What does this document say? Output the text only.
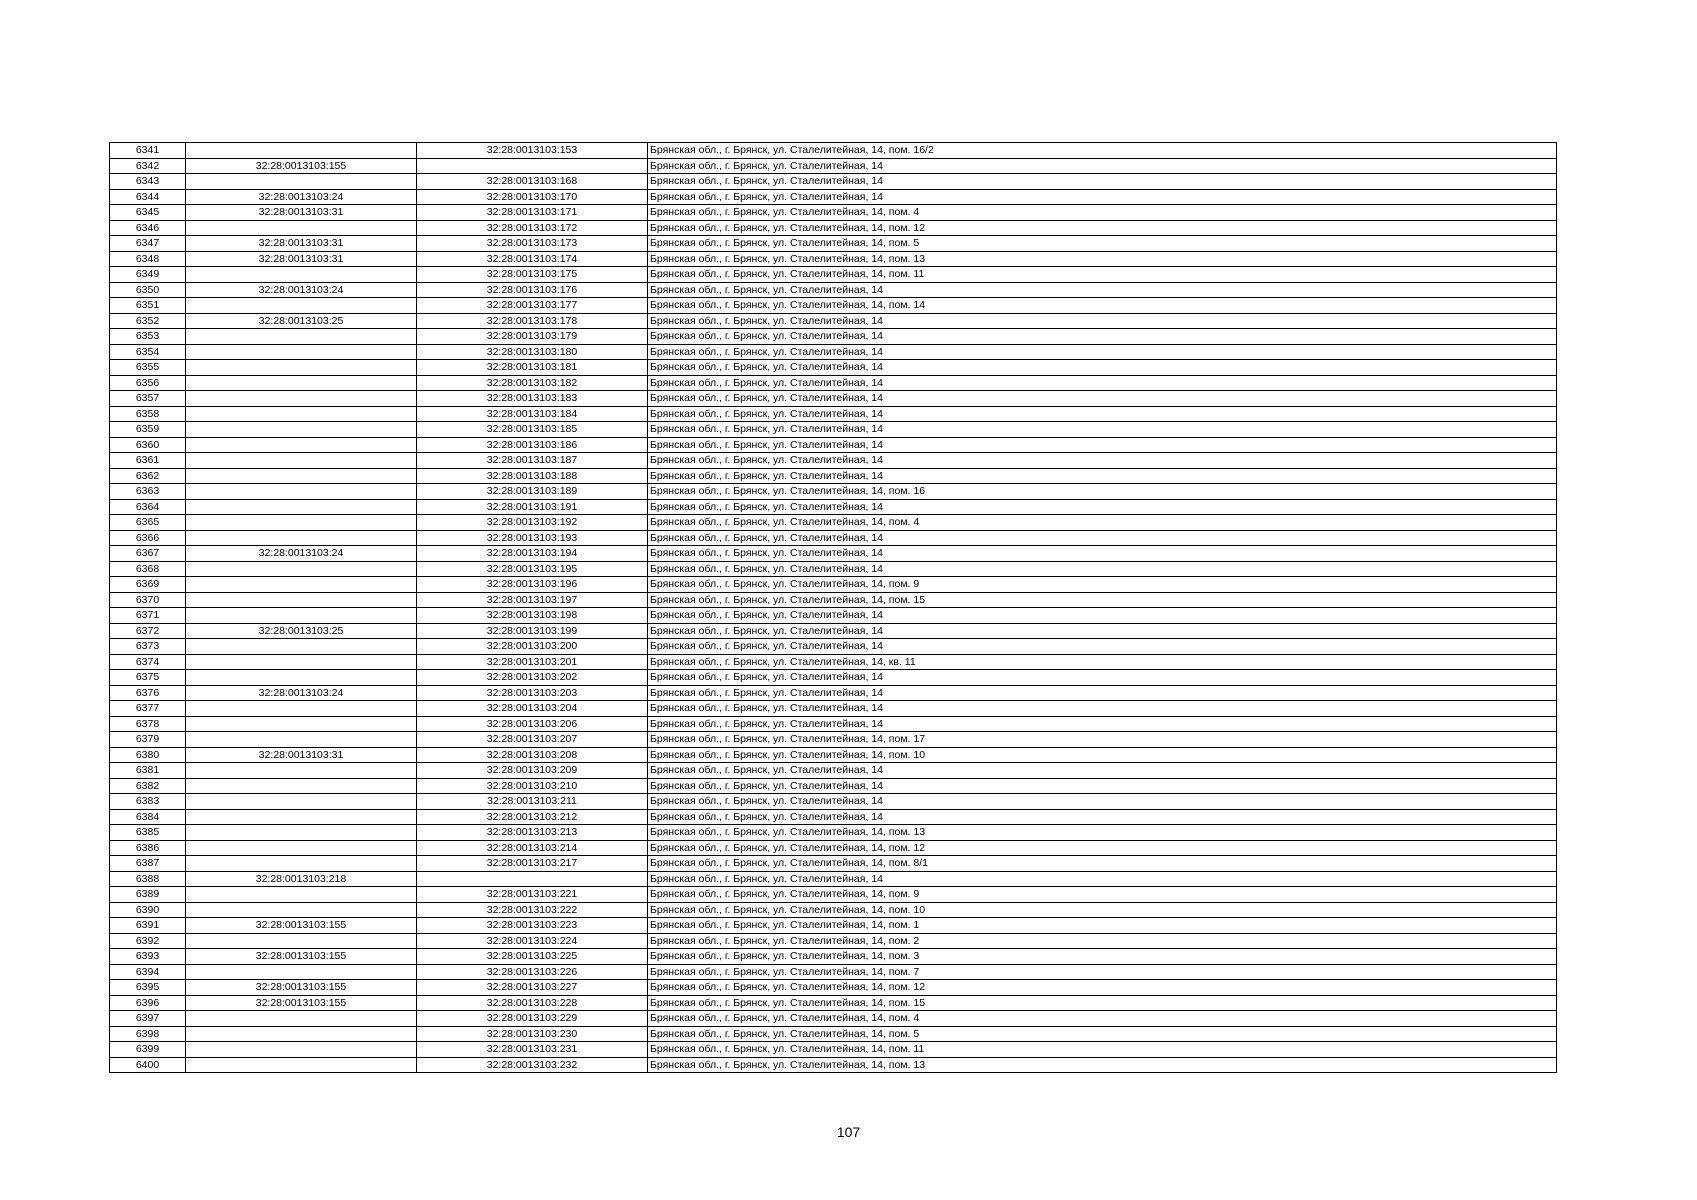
6341		32:28:0013103:153	Брянская обл., г. Брянск, ул. Сталелитейная, 14, пом. 16/2
6342	32:28:0013103:155		Брянская обл., г. Брянск, ул. Сталелитейная, 14
6343		32:28:0013103:168	Брянская обл., г. Брянск, ул. Сталелитейная, 14
6344	32:28:0013103:24	32:28:0013103:170	Брянская обл., г. Брянск, ул. Сталелитейная, 14
6345	32:28:0013103:31	32:28:0013103:171	Брянская обл., г. Брянск, ул. Сталелитейная, 14, пом. 4
6346		32:28:0013103:172	Брянская обл., г. Брянск, ул. Сталелитейная, 14, пом. 12
6347	32:28:0013103:31	32:28:0013103:173	Брянская обл., г. Брянск, ул. Сталелитейная, 14, пом. 5
6348	32:28:0013103:31	32:28:0013103:174	Брянская обл., г. Брянск, ул. Сталелитейная, 14, пом. 13
6349		32:28:0013103:175	Брянская обл., г. Брянск, ул. Сталелитейная, 14, пом. 11
6350	32:28:0013103:24	32:28:0013103:176	Брянская обл., г. Брянск, ул. Сталелитейная, 14
6351		32:28:0013103:177	Брянская обл., г. Брянск, ул. Сталелитейная, 14, пом. 14
6352	32:28:0013103:25	32:28:0013103:178	Брянская обл., г. Брянск, ул. Сталелитейная, 14
6353		32:28:0013103:179	Брянская обл., г. Брянск, ул. Сталелитейная, 14
6354		32:28:0013103:180	Брянская обл., г. Брянск, ул. Сталелитейная, 14
6355		32:28:0013103:181	Брянская обл., г. Брянск, ул. Сталелитейная, 14
6356		32:28:0013103:182	Брянская обл., г. Брянск, ул. Сталелитейная, 14
6357		32:28:0013103:183	Брянская обл., г. Брянск, ул. Сталелитейная, 14
6358		32:28:0013103:184	Брянская обл., г. Брянск, ул. Сталелитейная, 14
6359		32:28:0013103:185	Брянская обл., г. Брянск, ул. Сталелитейная, 14
6360		32:28:0013103:186	Брянская обл., г. Брянск, ул. Сталелитейная, 14
6361		32:28:0013103:187	Брянская обл., г. Брянск, ул. Сталелитейная, 14
6362		32:28:0013103:188	Брянская обл., г. Брянск, ул. Сталелитейная, 14
6363		32:28:0013103:189	Брянская обл., г. Брянск, ул. Сталелитейная, 14, пом. 16
6364		32:28:0013103:191	Брянская обл., г. Брянск, ул. Сталелитейная, 14
6365		32:28:0013103:192	Брянская обл., г. Брянск, ул. Сталелитейная, 14, пом. 4
6366		32:28:0013103:193	Брянская обл., г. Брянск, ул. Сталелитейная, 14
6367	32:28:0013103:24	32:28:0013103:194	Брянская обл., г. Брянск, ул. Сталелитейная, 14
6368		32:28:0013103:195	Брянская обл., г. Брянск, ул. Сталелитейная, 14
6369		32:28:0013103:196	Брянская обл., г. Брянск, ул. Сталелитейная, 14, пом. 9
6370		32:28:0013103:197	Брянская обл., г. Брянск, ул. Сталелитейная, 14, пом. 15
6371		32:28:0013103:198	Брянская обл., г. Брянск, ул. Сталелитейная, 14
6372	32:28:0013103:25	32:28:0013103:199	Брянская обл., г. Брянск, ул. Сталелитейная, 14
6373		32:28:0013103:200	Брянская обл., г. Брянск, ул. Сталелитейная, 14
6374		32:28:0013103:201	Брянская обл., г. Брянск, ул. Сталелитейная, 14, кв. 11
6375		32:28:0013103:202	Брянская обл., г. Брянск, ул. Сталелитейная, 14
6376	32:28:0013103:24	32:28:0013103:203	Брянская обл., г. Брянск, ул. Сталелитейная, 14
6377		32:28:0013103:204	Брянская обл., г. Брянск, ул. Сталелитейная, 14
6378		32:28:0013103:206	Брянская обл., г. Брянск, ул. Сталелитейная, 14
6379		32:28:0013103:207	Брянская обл., г. Брянск, ул. Сталелитейная, 14, пом. 17
6380	32:28:0013103:31	32:28:0013103:208	Брянская обл., г. Брянск, ул. Сталелитейная, 14, пом. 10
6381		32:28:0013103:209	Брянская обл., г. Брянск, ул. Сталелитейная, 14
6382		32:28:0013103:210	Брянская обл., г. Брянск, ул. Сталелитейная, 14
6383		32:28:0013103:211	Брянская обл., г. Брянск, ул. Сталелитейная, 14
6384		32:28:0013103:212	Брянская обл., г. Брянск, ул. Сталелитейная, 14
6385		32:28:0013103:213	Брянская обл., г. Брянск, ул. Сталелитейная, 14, пом. 13
6386		32:28:0013103:214	Брянская обл., г. Брянск, ул. Сталелитейная, 14, пом. 12
6387		32:28:0013103:217	Брянская обл., г. Брянск, ул. Сталелитейная, 14, пом. 8/1
6388	32:28:0013103:218		Брянская обл., г. Брянск, ул. Сталелитейная, 14
6389		32:28:0013103:221	Брянская обл., г. Брянск, ул. Сталелитейная, 14, пом. 9
6390		32:28:0013103:222	Брянская обл., г. Брянск, ул. Сталелитейная, 14, пом. 10
6391	32:28:0013103:155	32:28:0013103:223	Брянская обл., г. Брянск, ул. Сталелитейная, 14, пом. 1
6392		32:28:0013103:224	Брянская обл., г. Брянск, ул. Сталелитейная, 14, пом. 2
6393	32:28:0013103:155	32:28:0013103:225	Брянская обл., г. Брянск, ул. Сталелитейная, 14, пом. 3
6394		32:28:0013103:226	Брянская обл., г. Брянск, ул. Сталелитейная, 14, пом. 7
6395	32:28:0013103:155	32:28:0013103:227	Брянская обл., г. Брянск, ул. Сталелитейная, 14, пом. 12
6396	32:28:0013103:155	32:28:0013103:228	Брянская обл., г. Брянск, ул. Сталелитейная, 14, пом. 15
6397		32:28:0013103:229	Брянская обл., г. Брянск, ул. Сталелитейная, 14, пом. 4
6398		32:28:0013103:230	Брянская обл., г. Брянск, ул. Сталелитейная, 14, пом. 5
6399		32:28:0013103:231	Брянская обл., г. Брянск, ул. Сталелитейная, 14, пом. 11
6400		32:28:0013103:232	Брянская обл., г. Брянск, ул. Сталелитейная, 14, пом. 13
107
